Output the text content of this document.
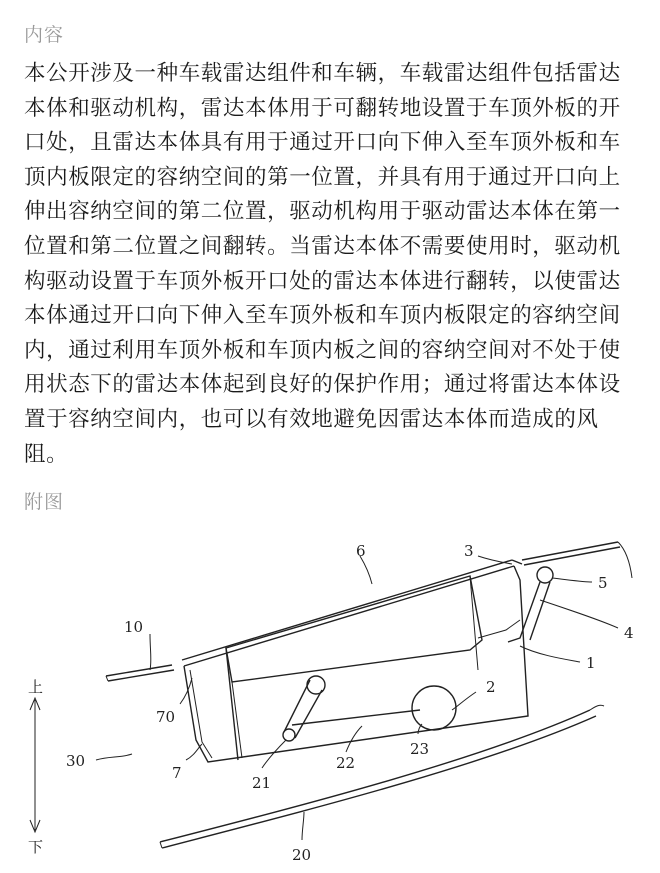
内容

本公开涉及一种车载雷达组件和车辆，车载雷达组件包括雷达本体和驱动机构，雷达本体用于可翻转地设置于车顶外板的开口处，且雷达本体具有用于通过开口向下伸入至车顶外板和车顶内板限定的容纳空间的第一位置，并具有用于通过开口向上伸出容纳空间的第二位置，驱动机构用于驱动雷达本体在第一位置和第二位置之间翻转。当雷达本体不需要使用时，驱动机构驱动设置于车顶外板开口处的雷达本体进行翻转，以使雷达本体通过开口向下伸入至车顶外板和车顶内板限定的容纳空间内，通过利用车顶外板和车顶内板之间的容纳空间对不处于使用状态下的雷达本体起到良好的保护作用；通过将雷达本体设置于容纳空间内，也可以有效地避免因雷达本体而造成的风阻。

附图
6	3
5
4
1
2
10
70
30
7
21
22
23
20
上
下
